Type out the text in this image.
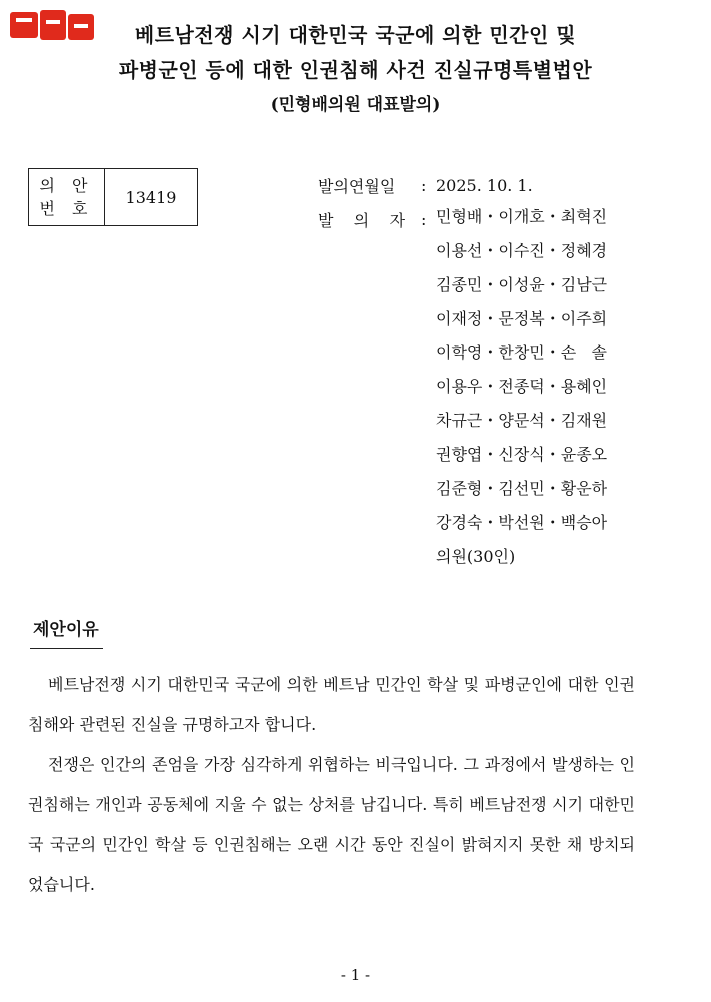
베트남전쟁 시기 대한민국 국군에 의한 민간인 및
파병군인 등에 대한 인권침해 사건 진실규명특별법안
(민형배의원 대표발의)
의 안
번 호
13419
발의연월일	: 2025. 10. 1.
발    의    자 : 민형배・이개호・최혁진
이용선・이수진・정혜경
김종민・이성윤・김남근
이재정・문정복・이주희
이학영・한창민・손   솔
이용우・전종덕・용혜인
차규근・양문석・김재원
권향엽・신장식・윤종오
김준형・김선민・황운하
강경숙・박선원・백승아
의원(30인)
제안이유

베트남전쟁 시기 대한민국 국군에 의한 베트남 민간인 학살 및 파병군인에 대한 인권침해와 관련된 진실을 규명하고자 합니다.

전쟁은 인간의 존엄을 가장 심각하게 위협하는 비극입니다. 그 과정에서 발생하는 인권침해는 개인과 공동체에 지울 수 없는 상처를 남깁니다. 특히 베트남전쟁 시기 대한민국 국군의 민간인 학살 등 인권침해는 오랜 시간 동안 진실이 밝혀지지 못한 채 방치되었습니다.

- 1 -
